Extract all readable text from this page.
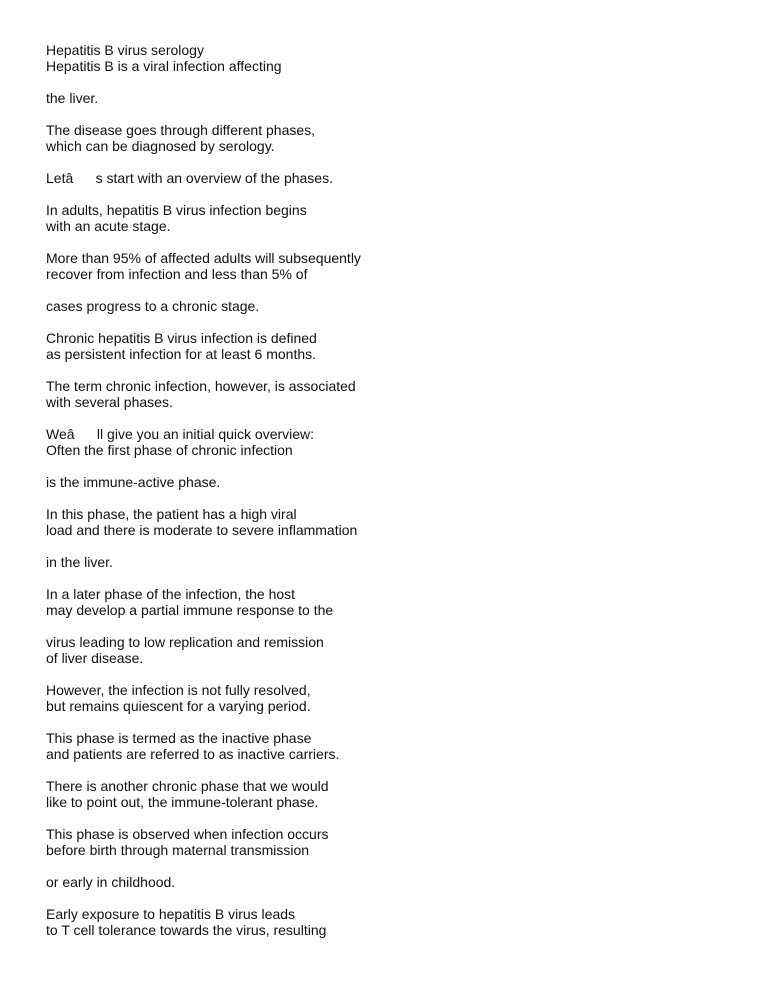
Hepatitis B virus serology
Hepatitis B is a viral infection affecting

the liver.

The disease goes through different phases,
which can be diagnosed by serology.

Letâs start with an overview of the phases.

In adults, hepatitis B virus infection begins
with an acute stage.

More than 95% of affected adults will subsequently
recover from infection and less than 5% of

cases progress to a chronic stage.

Chronic hepatitis B virus infection is defined
as persistent infection for at least 6 months.

The term chronic infection, however, is associated
with several phases.

Weâll give you an initial quick overview:
Often the first phase of chronic infection

is the immune-active phase.

In this phase, the patient has a high viral
load and there is moderate to severe inflammation

in the liver.

In a later phase of the infection, the host
may develop a partial immune response to the

virus leading to low replication and remission
of liver disease.

However, the infection is not fully resolved,
but remains quiescent for a varying period.

This phase is termed as the inactive phase
and patients are referred to as inactive carriers.

There is another chronic phase that we would
like to point out, the immune-tolerant phase.

This phase is observed when infection occurs
before birth through maternal transmission

or early in childhood.

Early exposure to hepatitis B virus leads
to T cell tolerance towards the virus, resulting
